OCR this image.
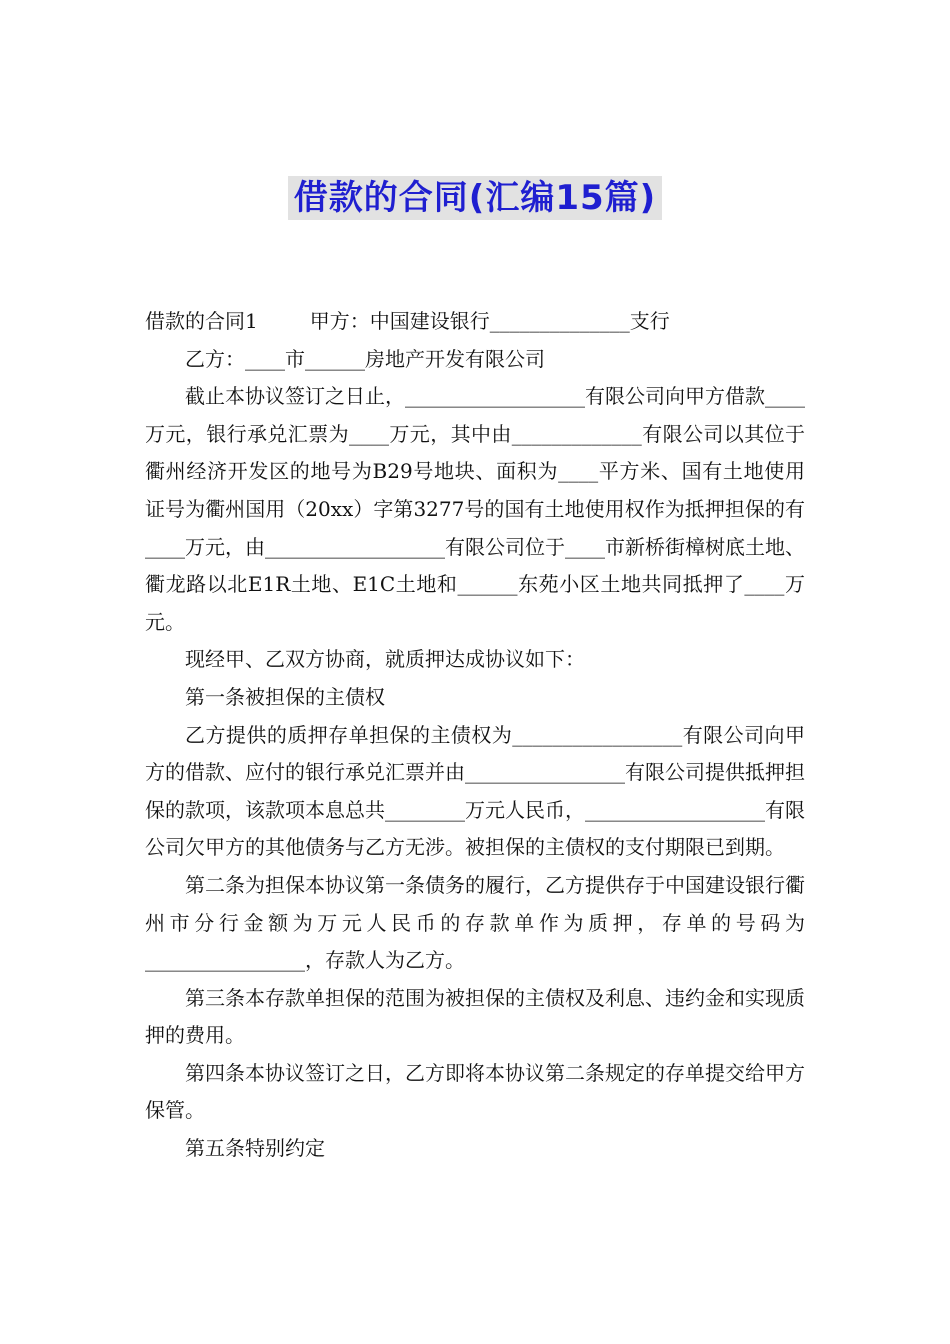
借款的合同(汇编15篇)

借款的合同1	甲方：中国建设银行______________支行

乙方：____市______房地产开发有限公司

截止本协议签订之日止，__________________有限公司向甲方借款____万元，银行承兑汇票为____万元，其中由_____________有限公司以其位于衢州经济开发区的地号为B29号地块、面积为____平方米、国有土地使用证号为衢州国用（20xx）字第3277号的国有土地使用权作为抵押担保的有____万元，由__________________有限公司位于____市新桥街樟树底土地、衢龙路以北E1R土地、E1C土地和______东苑小区土地共同抵押了____万元。

现经甲、乙双方协商，就质押达成协议如下：

第一条被担保的主债权

乙方提供的质押存单担保的主债权为_________________有限公司向甲方的借款、应付的银行承兑汇票并由________________有限公司提供抵押担保的款项，该款项本息总共________万元人民币，__________________有限公司欠甲方的其他债务与乙方无涉。被担保的主债权的支付期限已到期。

第二条为担保本协议第一条债务的履行，乙方提供存于中国建设银行衢州市分行金额为万元人民币的存款单作为质押，存单的号码为________________，存款人为乙方。

第三条本存款单担保的范围为被担保的主债权及利息、违约金和实现质押的费用。

第四条本协议签订之日，乙方即将本协议第二条规定的存单提交给甲方保管。

第五条特别约定
